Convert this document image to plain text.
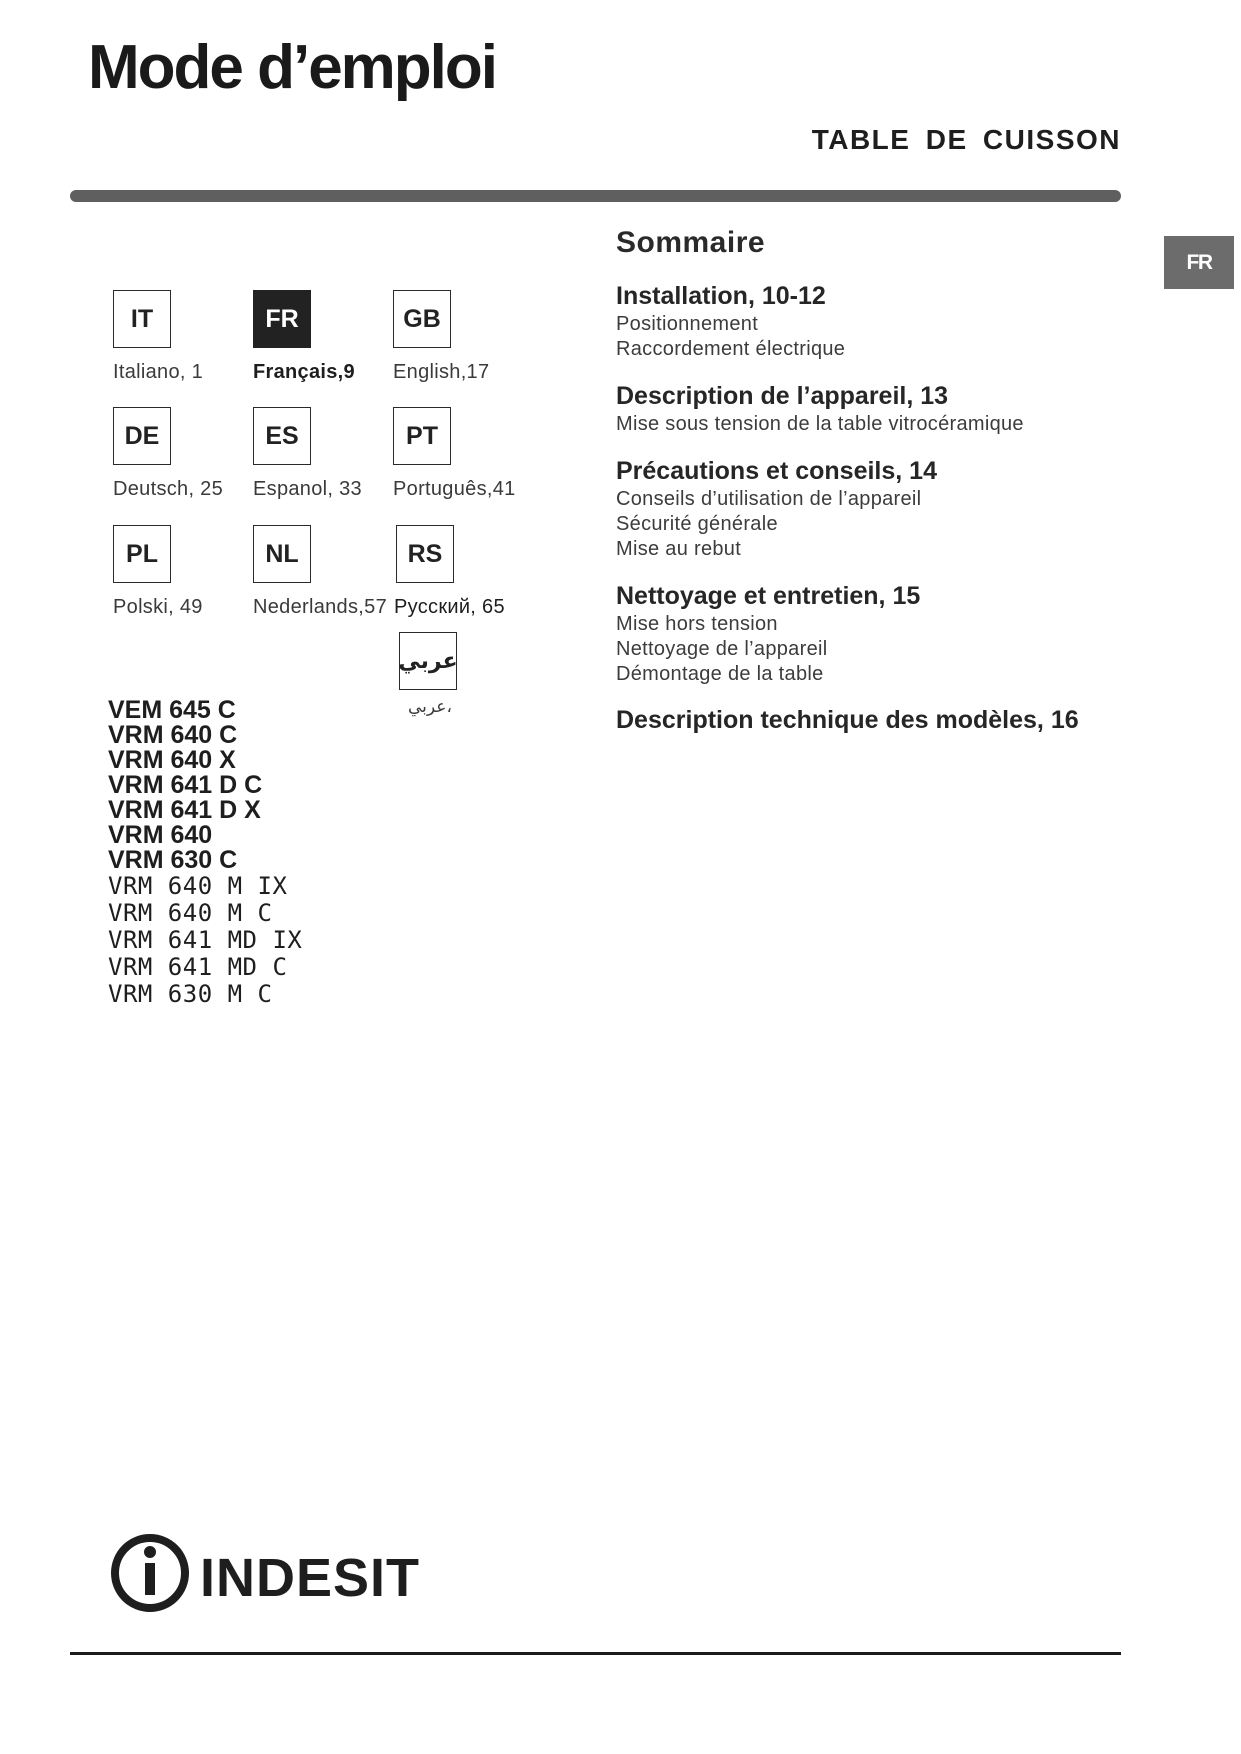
Mode d’emploi
TABLE DE CUISSON
FR
IT	FR	GB
Italiano, 1 Français,9 English,17
DE	ES	PT
Deutsch, 25 Espanol, 33 Português,41
PL	NL	RS
Polski, 49	Nederlands,57 Русский, 65
عربي
عربي،
VEM 645 C
VRM 640 C
VRM 640 X
VRM 641 D C
VRM 641 D X
VRM 640
VRM 630 C
VRM 640 M IX
VRM 640 M C
VRM 641 MD IX
VRM 641 MD C
VRM 630 M C
Sommaire
Installation, 10-12
Positionnement
Raccordement électrique
Description de l’appareil, 13
Mise sous tension de la table vitrocéramique
Précautions et conseils, 14
Conseils d’utilisation de l’appareil
Sécurité générale
Mise au rebut
Nettoyage et entretien, 15
Mise hors tension
Nettoyage de l’appareil
Démontage de la table
Description technique des modèles, 16
INDESIT
